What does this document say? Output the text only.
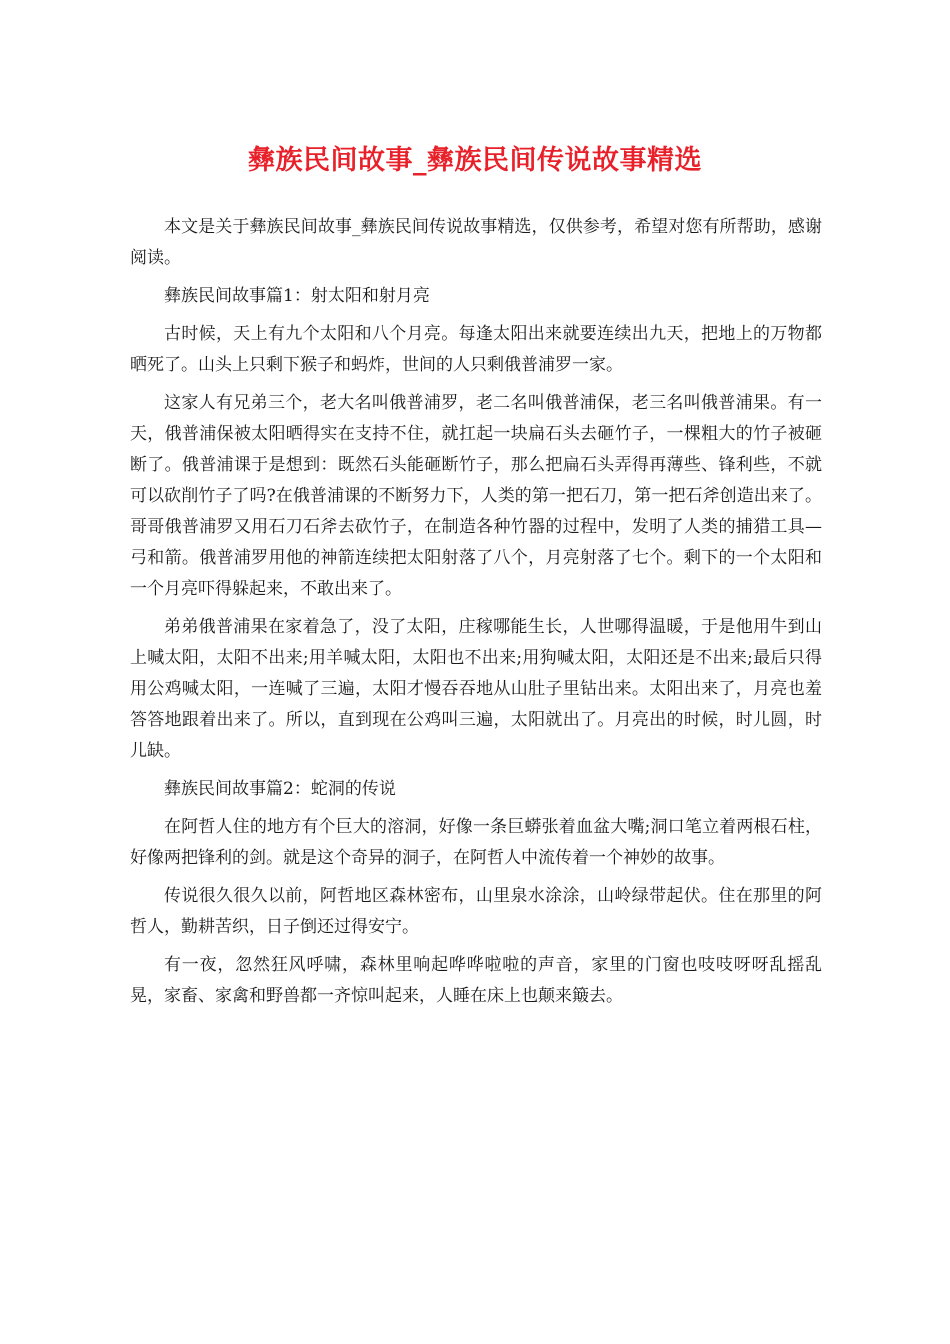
彝族民间故事_彝族民间传说故事精选

本文是关于彝族民间故事_彝族民间传说故事精选，仅供参考，希望对您有所帮助，感谢阅读。

彝族民间故事篇1：射太阳和射月亮

古时候，天上有九个太阳和八个月亮。每逢太阳出来就要连续出九天，把地上的万物都晒死了。山头上只剩下猴子和蚂炸，世间的人只剩俄普浦罗一家。

这家人有兄弟三个，老大名叫俄普浦罗，老二名叫俄普浦保，老三名叫俄普浦果。有一天，俄普浦保被太阳晒得实在支持不住，就扛起一块扁石头去砸竹子，一棵粗大的竹子被砸断了。俄普浦课于是想到：既然石头能砸断竹子，那么把扁石头弄得再薄些、锋利些，不就可以砍削竹子了吗?在俄普浦课的不断努力下，人类的第一把石刀，第一把石斧创造出来了。哥哥俄普浦罗又用石刀石斧去砍竹子，在制造各种竹器的过程中，发明了人类的捕猎工具—弓和箭。俄普浦罗用他的神箭连续把太阳射落了八个，月亮射落了七个。剩下的一个太阳和一个月亮吓得躲起来，不敢出来了。

弟弟俄普浦果在家着急了，没了太阳，庄稼哪能生长，人世哪得温暖，于是他用牛到山上喊太阳，太阳不出来;用羊喊太阳，太阳也不出来;用狗喊太阳，太阳还是不出来;最后只得用公鸡喊太阳，一连喊了三遍，太阳才慢吞吞地从山肚子里钻出来。太阳出来了，月亮也羞答答地跟着出来了。所以，直到现在公鸡叫三遍，太阳就出了。月亮出的时候，时儿圆，时儿缺。

彝族民间故事篇2：蛇洞的传说

在阿哲人住的地方有个巨大的溶洞，好像一条巨蟒张着血盆大嘴;洞口笔立着两根石柱，好像两把锋利的剑。就是这个奇异的洞子，在阿哲人中流传着一个神妙的故事。

传说很久很久以前，阿哲地区森林密布，山里泉水涂涂，山岭绿带起伏。住在那里的阿哲人，勤耕苦织，日子倒还过得安宁。

有一夜，忽然狂风呼啸，森林里响起哗哗啦啦的声音，家里的门窗也吱吱呀呀乱摇乱晃，家畜、家禽和野兽都一齐惊叫起来，人睡在床上也颠来簸去。
